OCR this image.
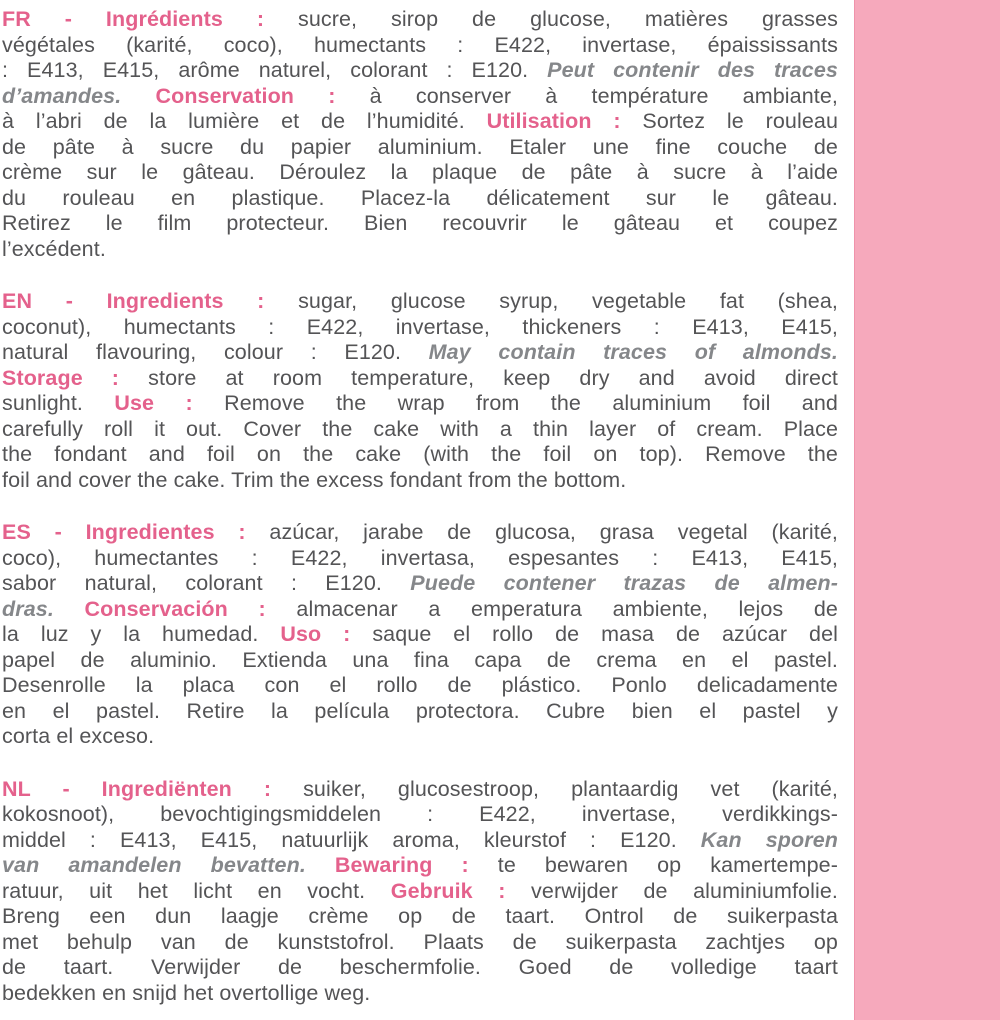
FR - Ingrédients : sucre, sirop de glucose, matières grasses
végétales (karité, coco), humectants : E422, invertase, épaississants
: E413, E415, arôme naturel, colorant : E120. Peut contenir des traces
d’amandes. Conservation : à conserver à température ambiante,
à l’abri de la lumière et de l’humidité. Utilisation : Sortez le rouleau
de pâte à sucre du papier aluminium. Etaler une fine couche de
crème sur le gâteau. Déroulez la plaque de pâte à sucre à l’aide
du rouleau en plastique. Placez-la délicatement sur le gâteau.
Retirez le film protecteur. Bien recouvrir le gâteau et coupez
l’excédent.
EN - Ingredients : sugar, glucose syrup, vegetable fat (shea,
coconut), humectants : E422, invertase, thickeners : E413, E415,
natural flavouring, colour : E120. May contain traces of almonds.
Storage : store at room temperature, keep dry and avoid direct
sunlight. Use : Remove the wrap from the aluminium foil and
carefully roll it out. Cover the cake with a thin layer of cream. Place
the fondant and foil on the cake (with the foil on top). Remove the
foil and cover the cake. Trim the excess fondant from the bottom.
ES - Ingredientes : azúcar, jarabe de glucosa, grasa vegetal (karité,
coco), humectantes : E422, invertasa, espesantes : E413, E415,
sabor natural, colorant : E120. Puede contener trazas de almen-
dras. Conservación : almacenar a emperatura ambiente, lejos de
la luz y la humedad. Uso : saque el rollo de masa de azúcar del
papel de aluminio. Extienda una fina capa de crema en el pastel.
Desenrolle la placa con el rollo de plástico. Ponlo delicadamente
en el pastel. Retire la película protectora. Cubre bien el pastel y
corta el exceso.
NL - Ingrediënten : suiker, glucosestroop, plantaardig vet (karité,
kokosnoot), bevochtigingsmiddelen : E422, invertase, verdikkings-
middel : E413, E415, natuurlijk aroma, kleurstof : E120. Kan sporen
van amandelen bevatten. Bewaring : te bewaren op kamertempe-
ratuur, uit het licht en vocht. Gebruik : verwijder de aluminiumfolie.
Breng een dun laagje crème op de taart. Ontrol de suikerpasta
met behulp van de kunststofrol. Plaats de suikerpasta zachtjes op
de taart. Verwijder de beschermfolie. Goed de volledige taart
bedekken en snijd het overtollige weg.
